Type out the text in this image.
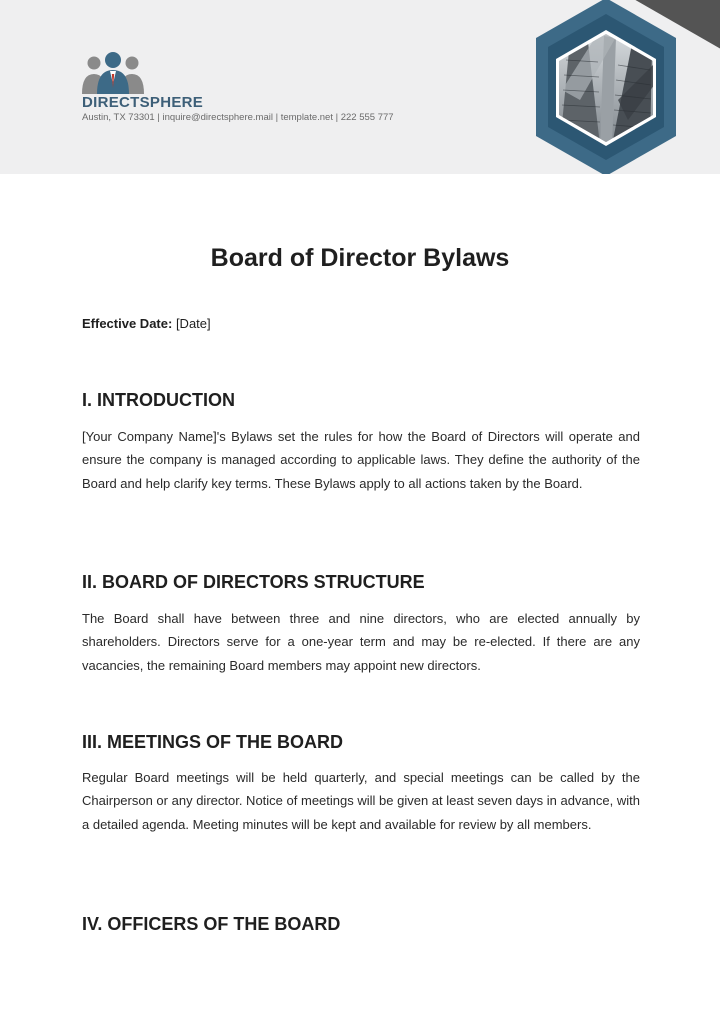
DIRECTSPHERE
Austin, TX 73301 | inquire@directsphere.mail | template.net | 222 555 777
Board of Director Bylaws
Effective Date: [Date]
I. INTRODUCTION

[Your Company Name]'s Bylaws set the rules for how the Board of Directors will operate and ensure the company is managed according to applicable laws. They define the authority of the Board and help clarify key terms. These Bylaws apply to all actions taken by the Board.

II. BOARD OF DIRECTORS STRUCTURE

The Board shall have between three and nine directors, who are elected annually by shareholders. Directors serve for a one-year term and may be re-elected. If there are any vacancies, the remaining Board members may appoint new directors.

III. MEETINGS OF THE BOARD

Regular Board meetings will be held quarterly, and special meetings can be called by the Chairperson or any director. Notice of meetings will be given at least seven days in advance, with a detailed agenda. Meeting minutes will be kept and available for review by all members.

IV. OFFICERS OF THE BOARD
